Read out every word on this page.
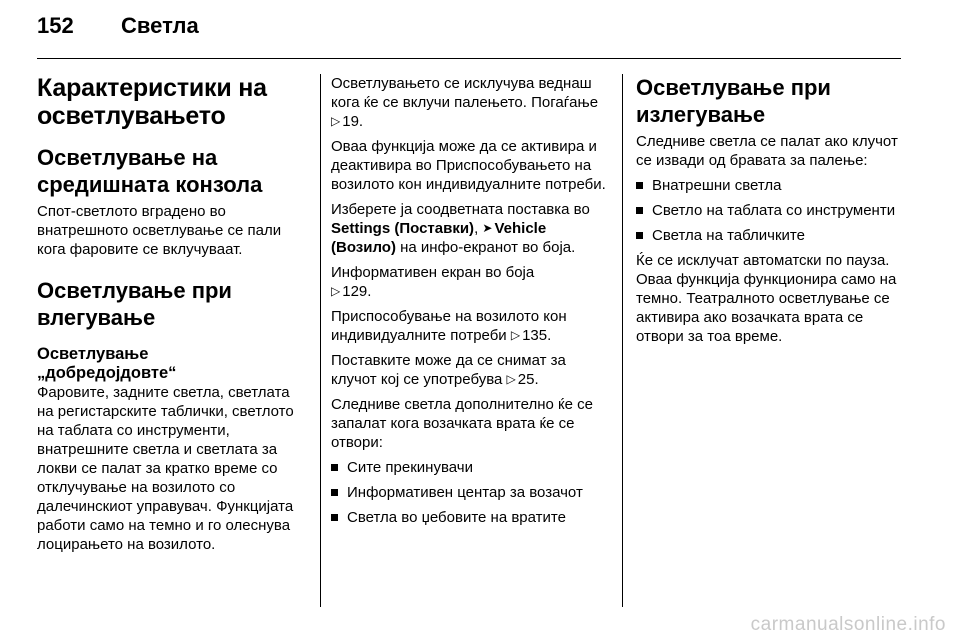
152 Светла
Карактеристики на осветлувањето
Осветлување на средишната конзола

Спот-светлото вградено во внатрешното осветлување се пали кога фаровите се вклучуваат.

Осветлување при влегување
Осветлување
„добредојдовте“

Фаровите, задните светла, светлата на регистарските таблички, светлото на таблата со инструменти, внатрешните светла и светлата за локви се палат за кратко време со отклучување на возилото со далечинскиот управувач. Функцијата работи само на темно и го олеснува лоцирањето на возилото.

Осветлувањето се исклучува веднаш кога ќе се вклучи палењето. Погаѓање ▷ 19.

Оваа функција може да се активира и деактивира во Приспособувањето на возилото кон индивидуалните потреби.

Изберете ја соодветната поставка во Settings (Поставки), ➤ Vehicle (Возило) на инфо-екранот во боја.

Информативен екран во боја
▷ 129.

Приспособување на возилото кон индивидуалните потреби ▷ 135.

Поставките може да се снимат за клучот кој се употребува ▷ 25.

Следниве светла дополнително ќе се запалат кога возачката врата ќе се отвори:

Сите прекинувачи
Информативен центар за возачот
Светла во џебовите на вратите
Осветлување при излегување

Следниве светла се палат ако клучот се извади од бравата за палење:

Внатрешни светла
Светло на таблата со инструменти
Светла на табличките

Ќе се исклучат автоматски по пауза. Оваа функција функционира само на темно. Театралното осветлување се активира ако возачката врата се отвори за тоа време.

carmanualsonline.info
